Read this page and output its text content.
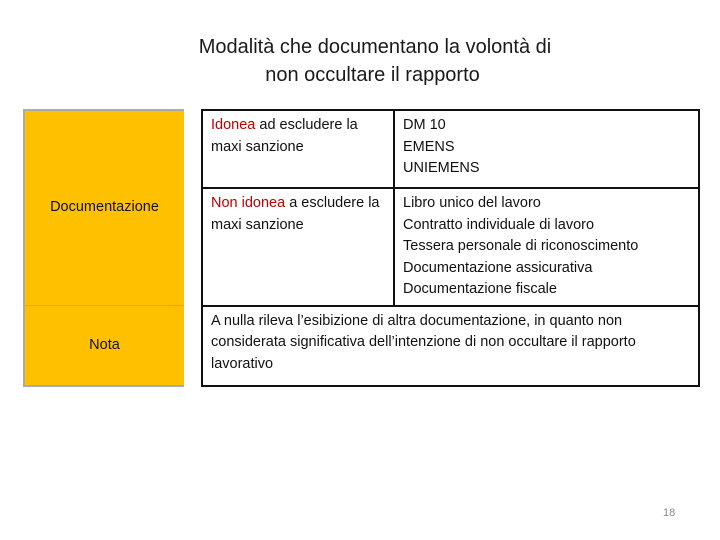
Modalità che documentano la volontà di
non occultare il rapporto
Documentazione		Idonea ad escludere la maxi sanzione	DM 10
EMENS
UNIEMENS

		Non idonea a escludere la maxi sanzione	Libro unico del lavoro
Contratto individuale di lavoro
Tessera personale di riconoscimento
Documentazione assicurativa
Documentazione fiscale

Nota		A nulla rileva l’esibizione di altra documentazione, in quanto non considerata significativa dell’intenzione di non occultare il rapporto lavorativo	
18
